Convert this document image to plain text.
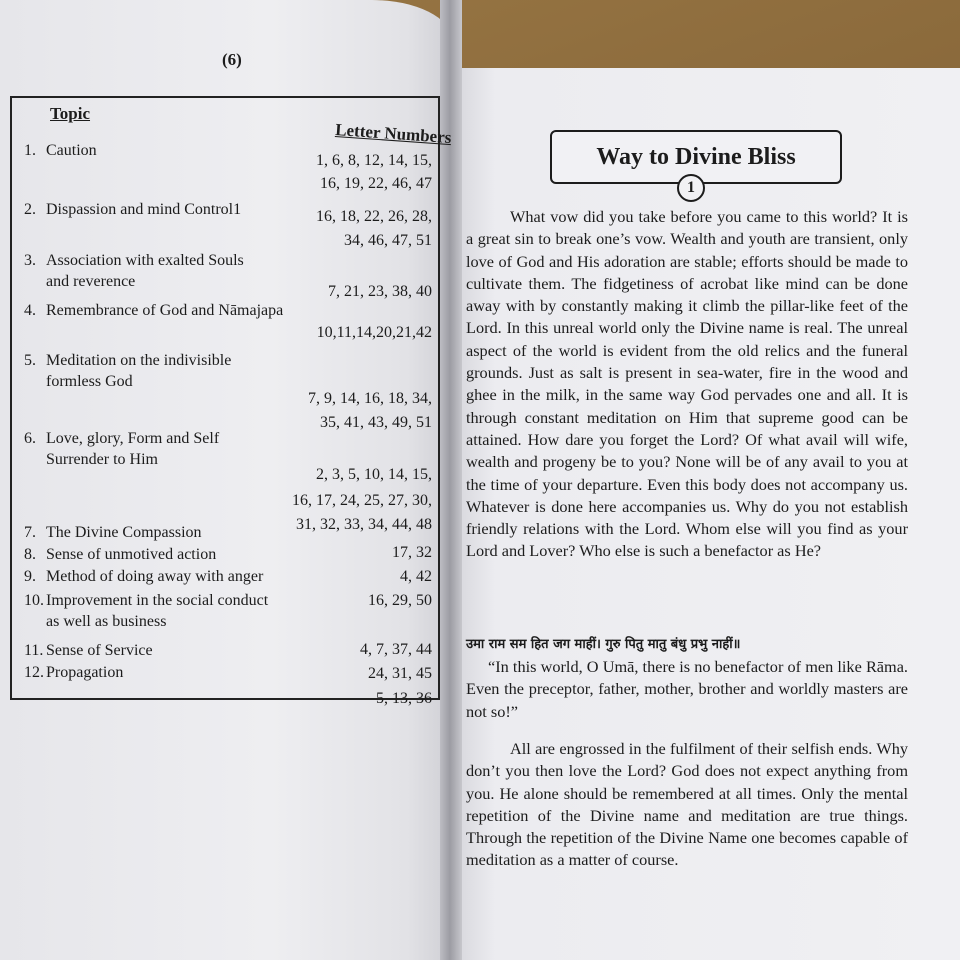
(6)
Topic
Letter Numbers
1. Caution
2. Dispassion and mind Control1
3. Association with exalted Souls
and reverence
4. Remembrance of God and Nāmajapa
5. Meditation on the indivisible
formless God
6. Love, glory, Form and Self
Surrender to Him
7. The Divine Compassion
8. Sense of unmotived action
9. Method of doing away with anger
10. Improvement in the social conduct
as well as business
11. Sense of Service
12. Propagation
1, 6, 8, 12, 14, 15,
16, 19, 22, 46, 47
16, 18, 22, 26, 28,
34, 46, 47, 51
7, 21, 23, 38, 40
10,11,14,20,21,42
7, 9, 14, 16, 18, 34,
35, 41, 43, 49, 51
2, 3, 5, 10, 14, 15,
16, 17, 24, 25, 27, 30,
31, 32, 33, 34, 44, 48
17, 32
4, 42
16, 29, 50
4, 7, 37, 44
24, 31, 45
5, 13, 36
Way to Divine Bliss
1
What vow did you take before you came to this world? It is a great sin to break one’s vow. Wealth and youth are transient, only love of God and His adoration are stable; efforts should be made to cultivate them. The fidgetiness of acrobat like mind can be done away with by constantly making it climb the pillar-like feet of the Lord. In this unreal world only the Divine name is real. The unreal aspect of the world is evident from the old relics and the funeral grounds. Just as salt is present in sea-water, fire in the wood and ghee in the milk, in the same way God pervades one and all. It is through constant meditation on Him that supreme good can be attained. How dare you forget the Lord? Of what avail will wife, wealth and progeny be to you? None will be of any avail to you at the time of your departure. Even this body does not accompany us. Whatever is done here accompanies us. Why do you not establish friendly relations with the Lord. Whom else will you find as your Lord and Lover? Who else is such a benefactor as He?
उमा राम सम हित जग माहीं। गुरु पितु मातु बंधु प्रभु नाहीं॥
“In this world, O Umā, there is no benefactor of men like Rāma. Even the preceptor, father, mother, brother and worldly masters are not so!”
All are engrossed in the fulfilment of their selfish ends. Why don’t you then love the Lord? God does not expect anything from you. He alone should be remembered at all times. Only the mental repetition of the Divine name and meditation are true things. Through the repetition of the Divine Name one becomes capable of meditation as a matter of course.
